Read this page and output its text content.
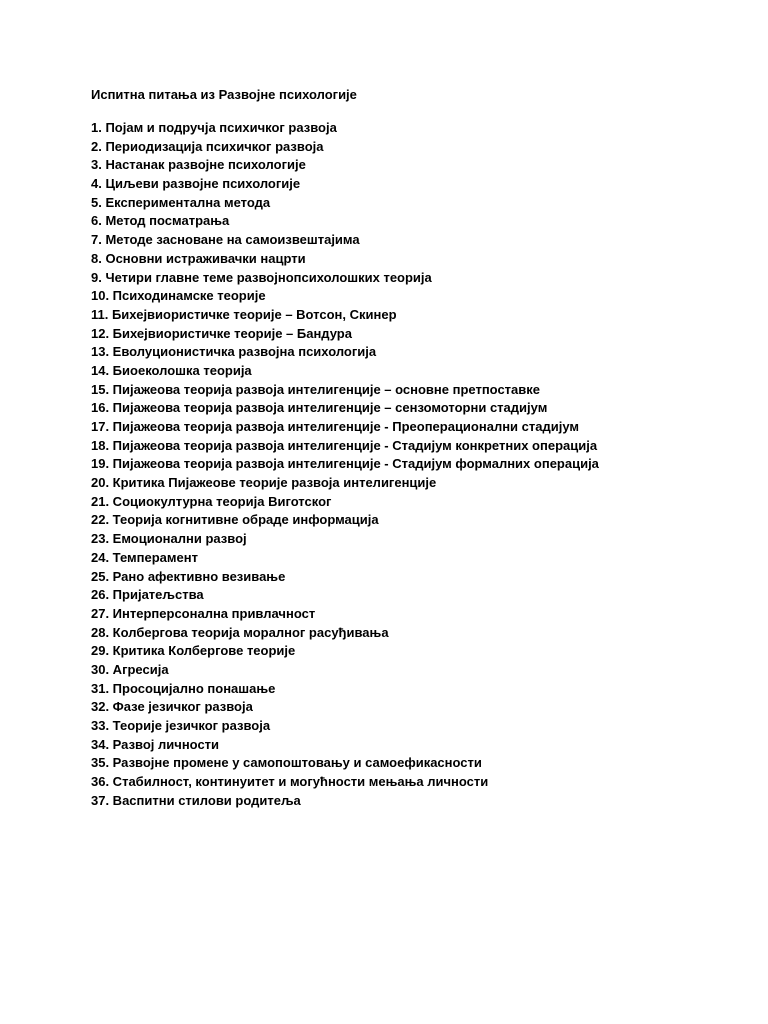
Испитна питања из Развојне психологије
1. Појам и подручја психичког развоја
2. Периодизација психичког развоја
3. Настанак развојне психологије
4. Циљеви развојне психологије
5. Експериментална метода
6. Метод посматрања
7. Методе засноване на самоизвештајима
8. Основни истраживачки нацрти
9. Четири главне теме развојнопсихолошких теорија
10. Психодинамске теорије
11. Бихејвиористичке теорије – Вотсон, Скинер
12. Бихејвиористичке теорије – Бандура
13. Еволуционистичка развојна психологија
14. Биоеколошка теорија
15. Пијажеова теорија развоја интелигенције – основне претпоставке
16. Пијажеова теорија развоја интелигенције – сензомоторни стадијум
17. Пијажеова теорија развоја интелигенције - Преоперационални стадијум
18. Пијажеова теорија развоја интелигенције - Стадијум конкретних операција
19. Пијажеова теорија развоја интелигенције - Стадијум формалних операција
20. Критика Пијажеове теорије развоја интелигенције
21. Социокултурна теорија Виготског
22. Теорија когнитивне обраде информација
23. Емоционални развој
24. Темперамент
25. Рано афективно везивање
26. Пријатељства
27. Интерперсонална привлачност
28. Колбергова теорија моралног расуђивања
29. Критика Колбергове теорије
30. Агресија
31. Просоцијално понашање
32. Фазе језичког развоја
33. Теорије језичког развоја
34. Развој личности
35. Развојне промене у самопоштовању и самоефикасности
36. Стабилност, континуитет и могућности мењања личности
37. Васпитни стилови родитеља
